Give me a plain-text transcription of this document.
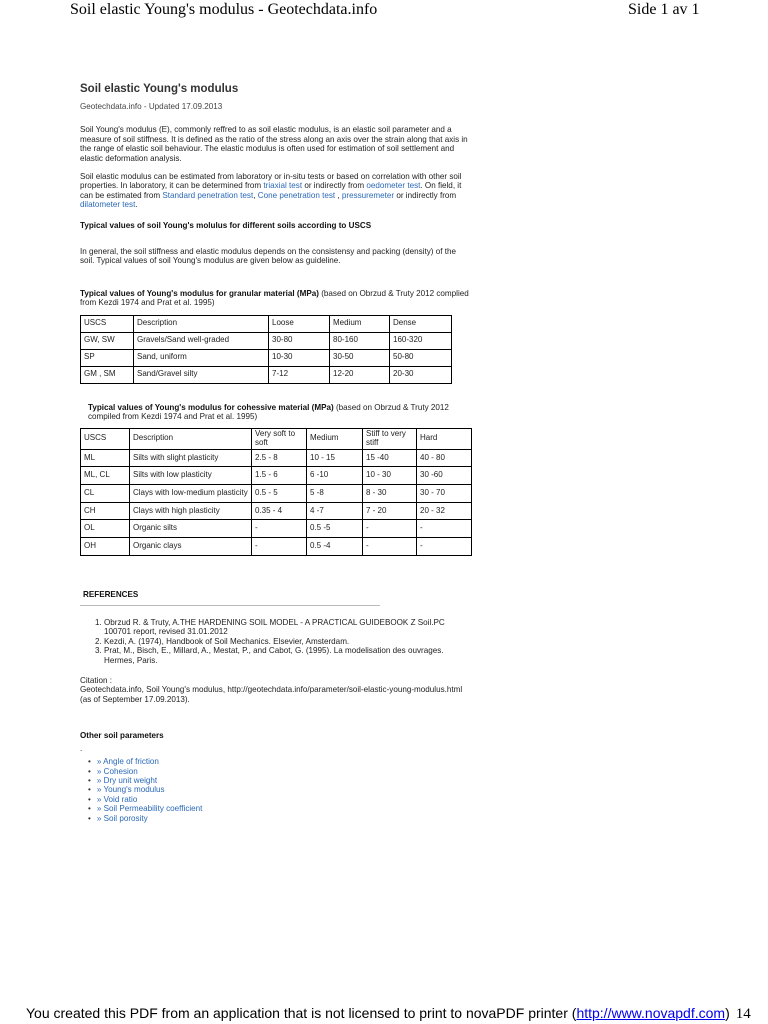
Soil elastic Young's modulus - Geotechdata.info	Side 1 av 1
Soil elastic Young's modulus
Geotechdata.info - Updated 17.09.2013

Soil Young's modulus (E), commonly reffred to as soil elastic modulus, is an elastic soil parameter and a measure of soil stiffness. It is defined as the ratio of the stress along an axis over the strain along that axis in the range of elastic soil behaviour. The elastic modulus is often used for estimation of soil settlement and elastic deformation analysis.

Soil elastic modulus can be estimated from laboratory or in-situ tests or based on correlation with other soil properties. In laboratory, it can be determined from triaxial test or indirectly from oedometer test. On field, it can be estimated from Standard penetration test, Cone penetration test , pressuremeter or indirectly from dilatometer test.

Typical values of soil Young's molulus for different soils according to USCS

In general, the soil stiffness and elastic modulus depends on the consistensy and packing (density) of the soil. Typical values of soil Young's modulus are given below as guideline.

Typical values of Young's modulus for granular material (MPa) (based on Obrzud & Truty 2012 complied from Kezdi 1974 and Prat et al. 1995)

USCS	Description	Loose	Medium	Dense
GW, SW	Gravels/Sand well-graded	30-80	80-160	160-320
SP	Sand, uniform	10-30	30-50	50-80
GM , SM	Sand/Gravel silty	7-12	12-20	20-30

Typical values of Young's modulus for cohessive material (MPa) (based on Obrzud & Truty 2012 compiled from Kezdi 1974 and Prat et al. 1995)

USCS	Description	Very soft to soft	Medium	Stiff to very stiff	Hard
ML	Silts with slight plasticity	2.5 - 8	10 - 15	15 -40	40 - 80
ML, CL	Silts with low plasticity	1.5 - 6	6 -10	10 - 30	30 -60
CL	Clays with low-medium plasticity	0.5 - 5	5 -8	8 - 30	30 - 70
CH	Clays with high plasticity	0.35 - 4	4 -7	7 - 20	20 - 32
OL	Organic silts	-	0.5 -5	-	-
OH	Organic clays	-	0.5 -4	-	-

REFERENCES

1. Obrzud R. & Truty, A.THE HARDENING SOIL MODEL - A PRACTICAL GUIDEBOOK Z Soil.PC 100701 report, revised 31.01.2012
2. Kezdi, A. (1974), Handbook of Soil Mechanics. Elsevier, Amsterdam.
3. Prat, M., Bisch, E., Millard, A., Mestat, P., and Cabot, G. (1995). La modelisation des ouvrages. Hermes, Paris.

Citation :

Geotechdata.info, Soil Young's modulus, http://geotechdata.info/parameter/soil-elastic-young-modulus.html (as of September 17.09.2013).

Other soil parameters

.

• » Angle of friction
• » Cohesion
• » Dry unit weight
• » Young's modulus
• » Void ratio
• » Soil Permeability coefficient
• » Soil porosity
You created this PDF from an application that is not licensed to print to novaPDF printer (http://www.novapdf.com) 14
